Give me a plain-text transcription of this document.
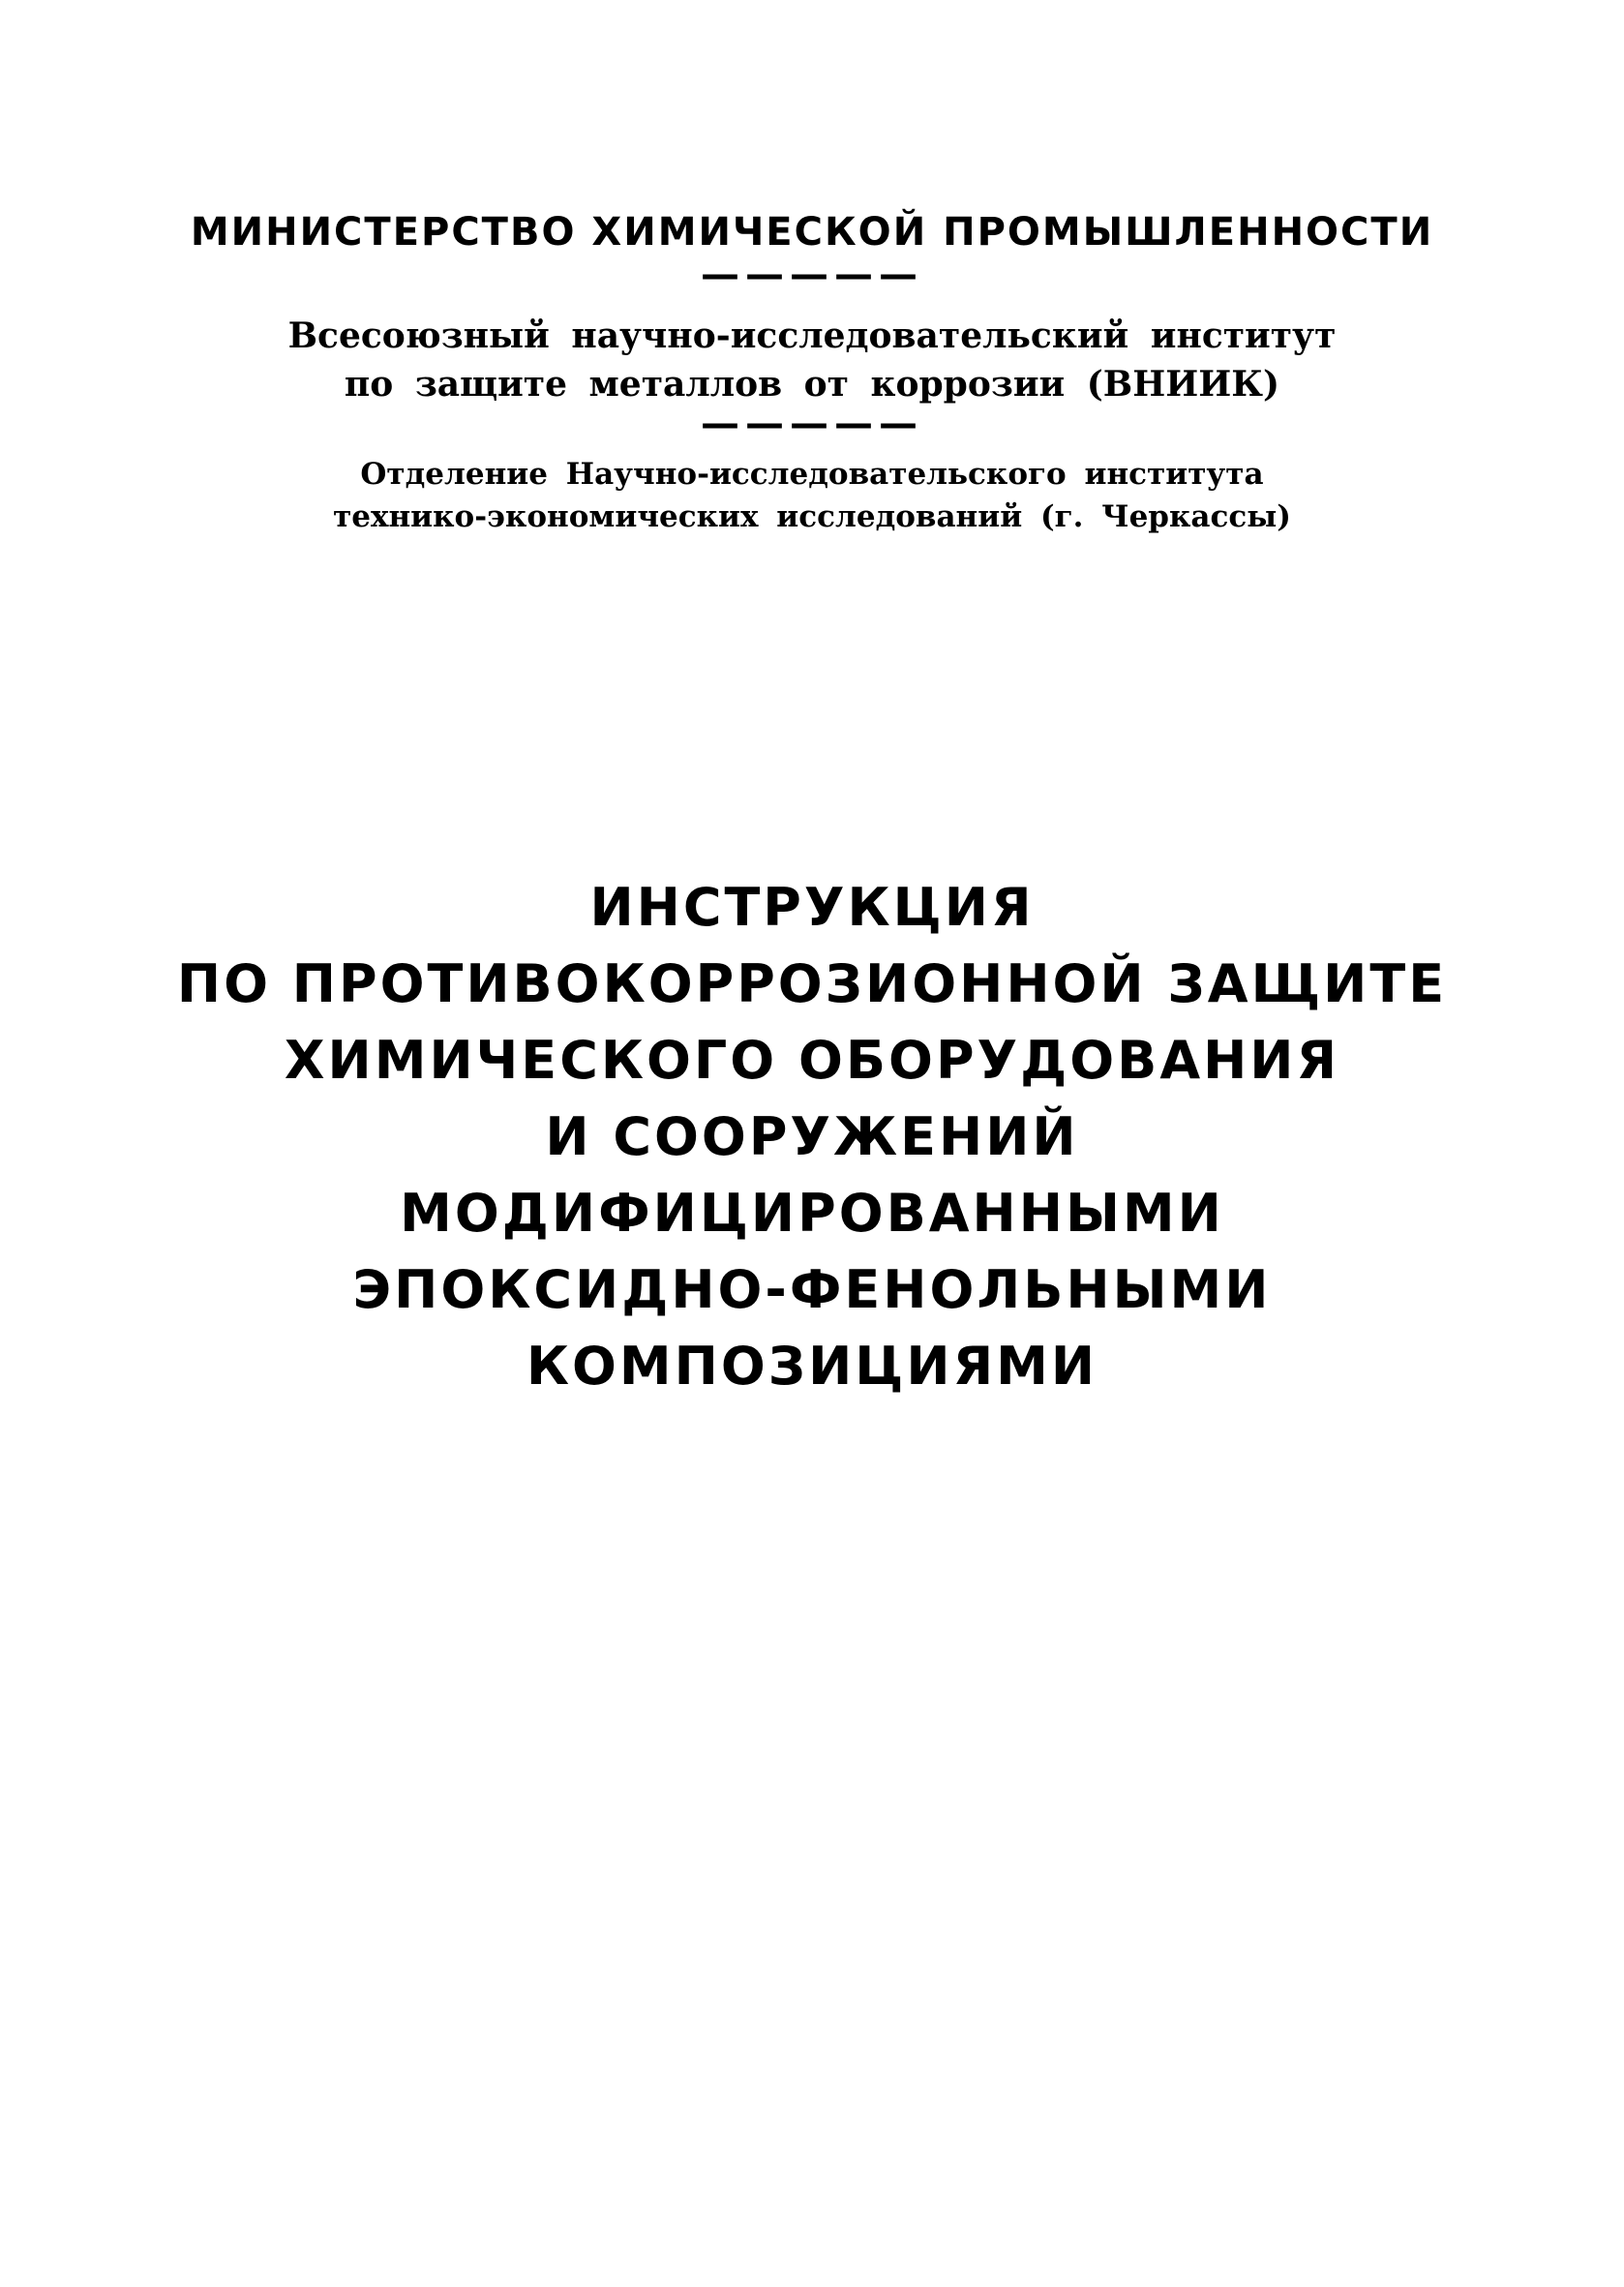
МИНИСТЕРСТВО ХИМИЧЕСКОЙ ПРОМЫШЛЕННОСТИ

—————

Всесоюзный научно-исследовательский институт
по защите металлов от коррозии (ВНИИК)

—————

Отделение Научно-исследовательского института
технико-экономических исследований (г. Черкассы)

ИНСТРУКЦИЯ
ПО ПРОТИВОКОРРОЗИОННОЙ ЗАЩИТЕ
ХИМИЧЕСКОГО ОБОРУДОВАНИЯ
И СООРУЖЕНИЙ
МОДИФИЦИРОВАННЫМИ
ЭПОКСИДНО-ФЕНОЛЬНЫМИ
КОМПОЗИЦИЯМИ
